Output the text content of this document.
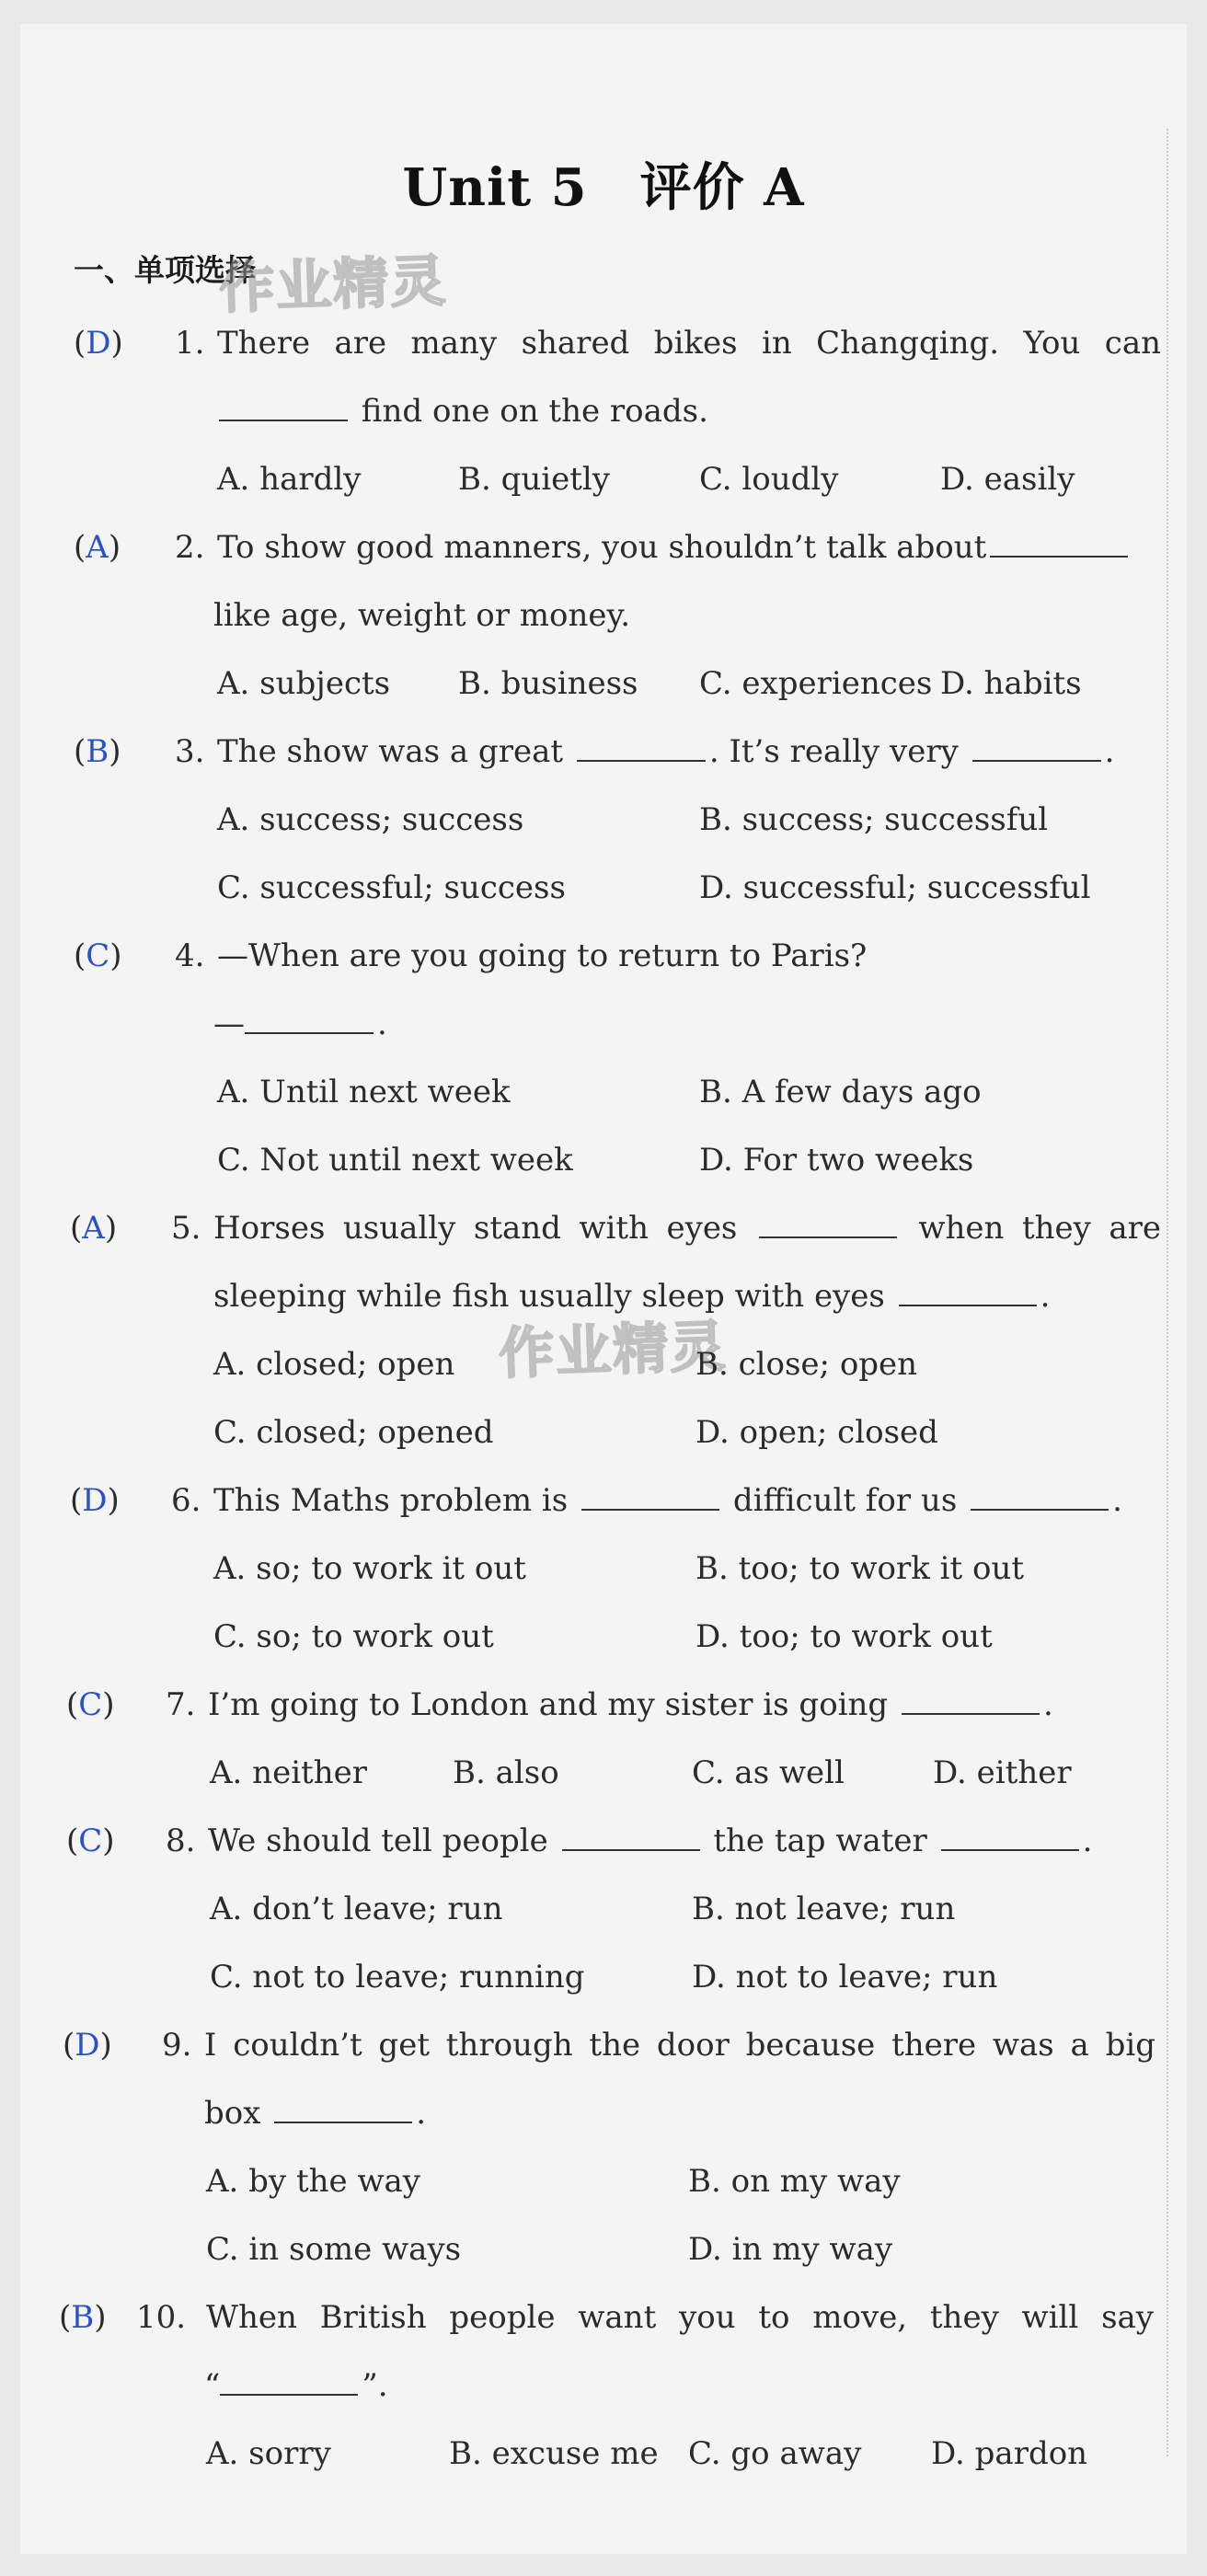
Unit 5　评价 A
一、单项选择
作业精灵
作业精灵
(D) 1. There are many shared bikes in Changqing. You can
find one on the roads.
A. hardly	B. quietly	C. loudly	D. easily
(A) 2. To show good manners, you shouldn’t talk about
like age, weight or money.
A. subjects B. business C. experiences D. habits
(B) 3. The show was a great	. It’s really very	.
A. success; success	B. success; successful
C. successful; success	D. successful; successful
(C) 4. —When are you going to return to Paris?
—	.
A. Until next week	B. A few days ago
C. Not until next week	D. For two weeks
(A) 5. Horses usually stand with eyes	when they are
sleeping while fish usually sleep with eyes	.
A. closed; open	B. close; open
C. closed; opened	D. open; closed
(D) 6. This Maths problem is	difficult for us	.
A. so; to work it out	B. too; to work it out
C. so; to work out	D. too; to work out
(C) 7. I’m going to London and my sister is going	.
A. neither	B. also	C. as well	D. either
(C) 8. We should tell people	the tap water	.
A. don’t leave; run	B. not leave; run
C. not to leave; running	D. not to leave; run
(D) 9. I couldn’t get through the door because there was a big
box	.
A. by the way	B. on my way
C. in some ways	D. in my way
(B) 10. When British people want you to move, they will say
“	”.
A. sorry	B. excuse me C. go away D. pardon
